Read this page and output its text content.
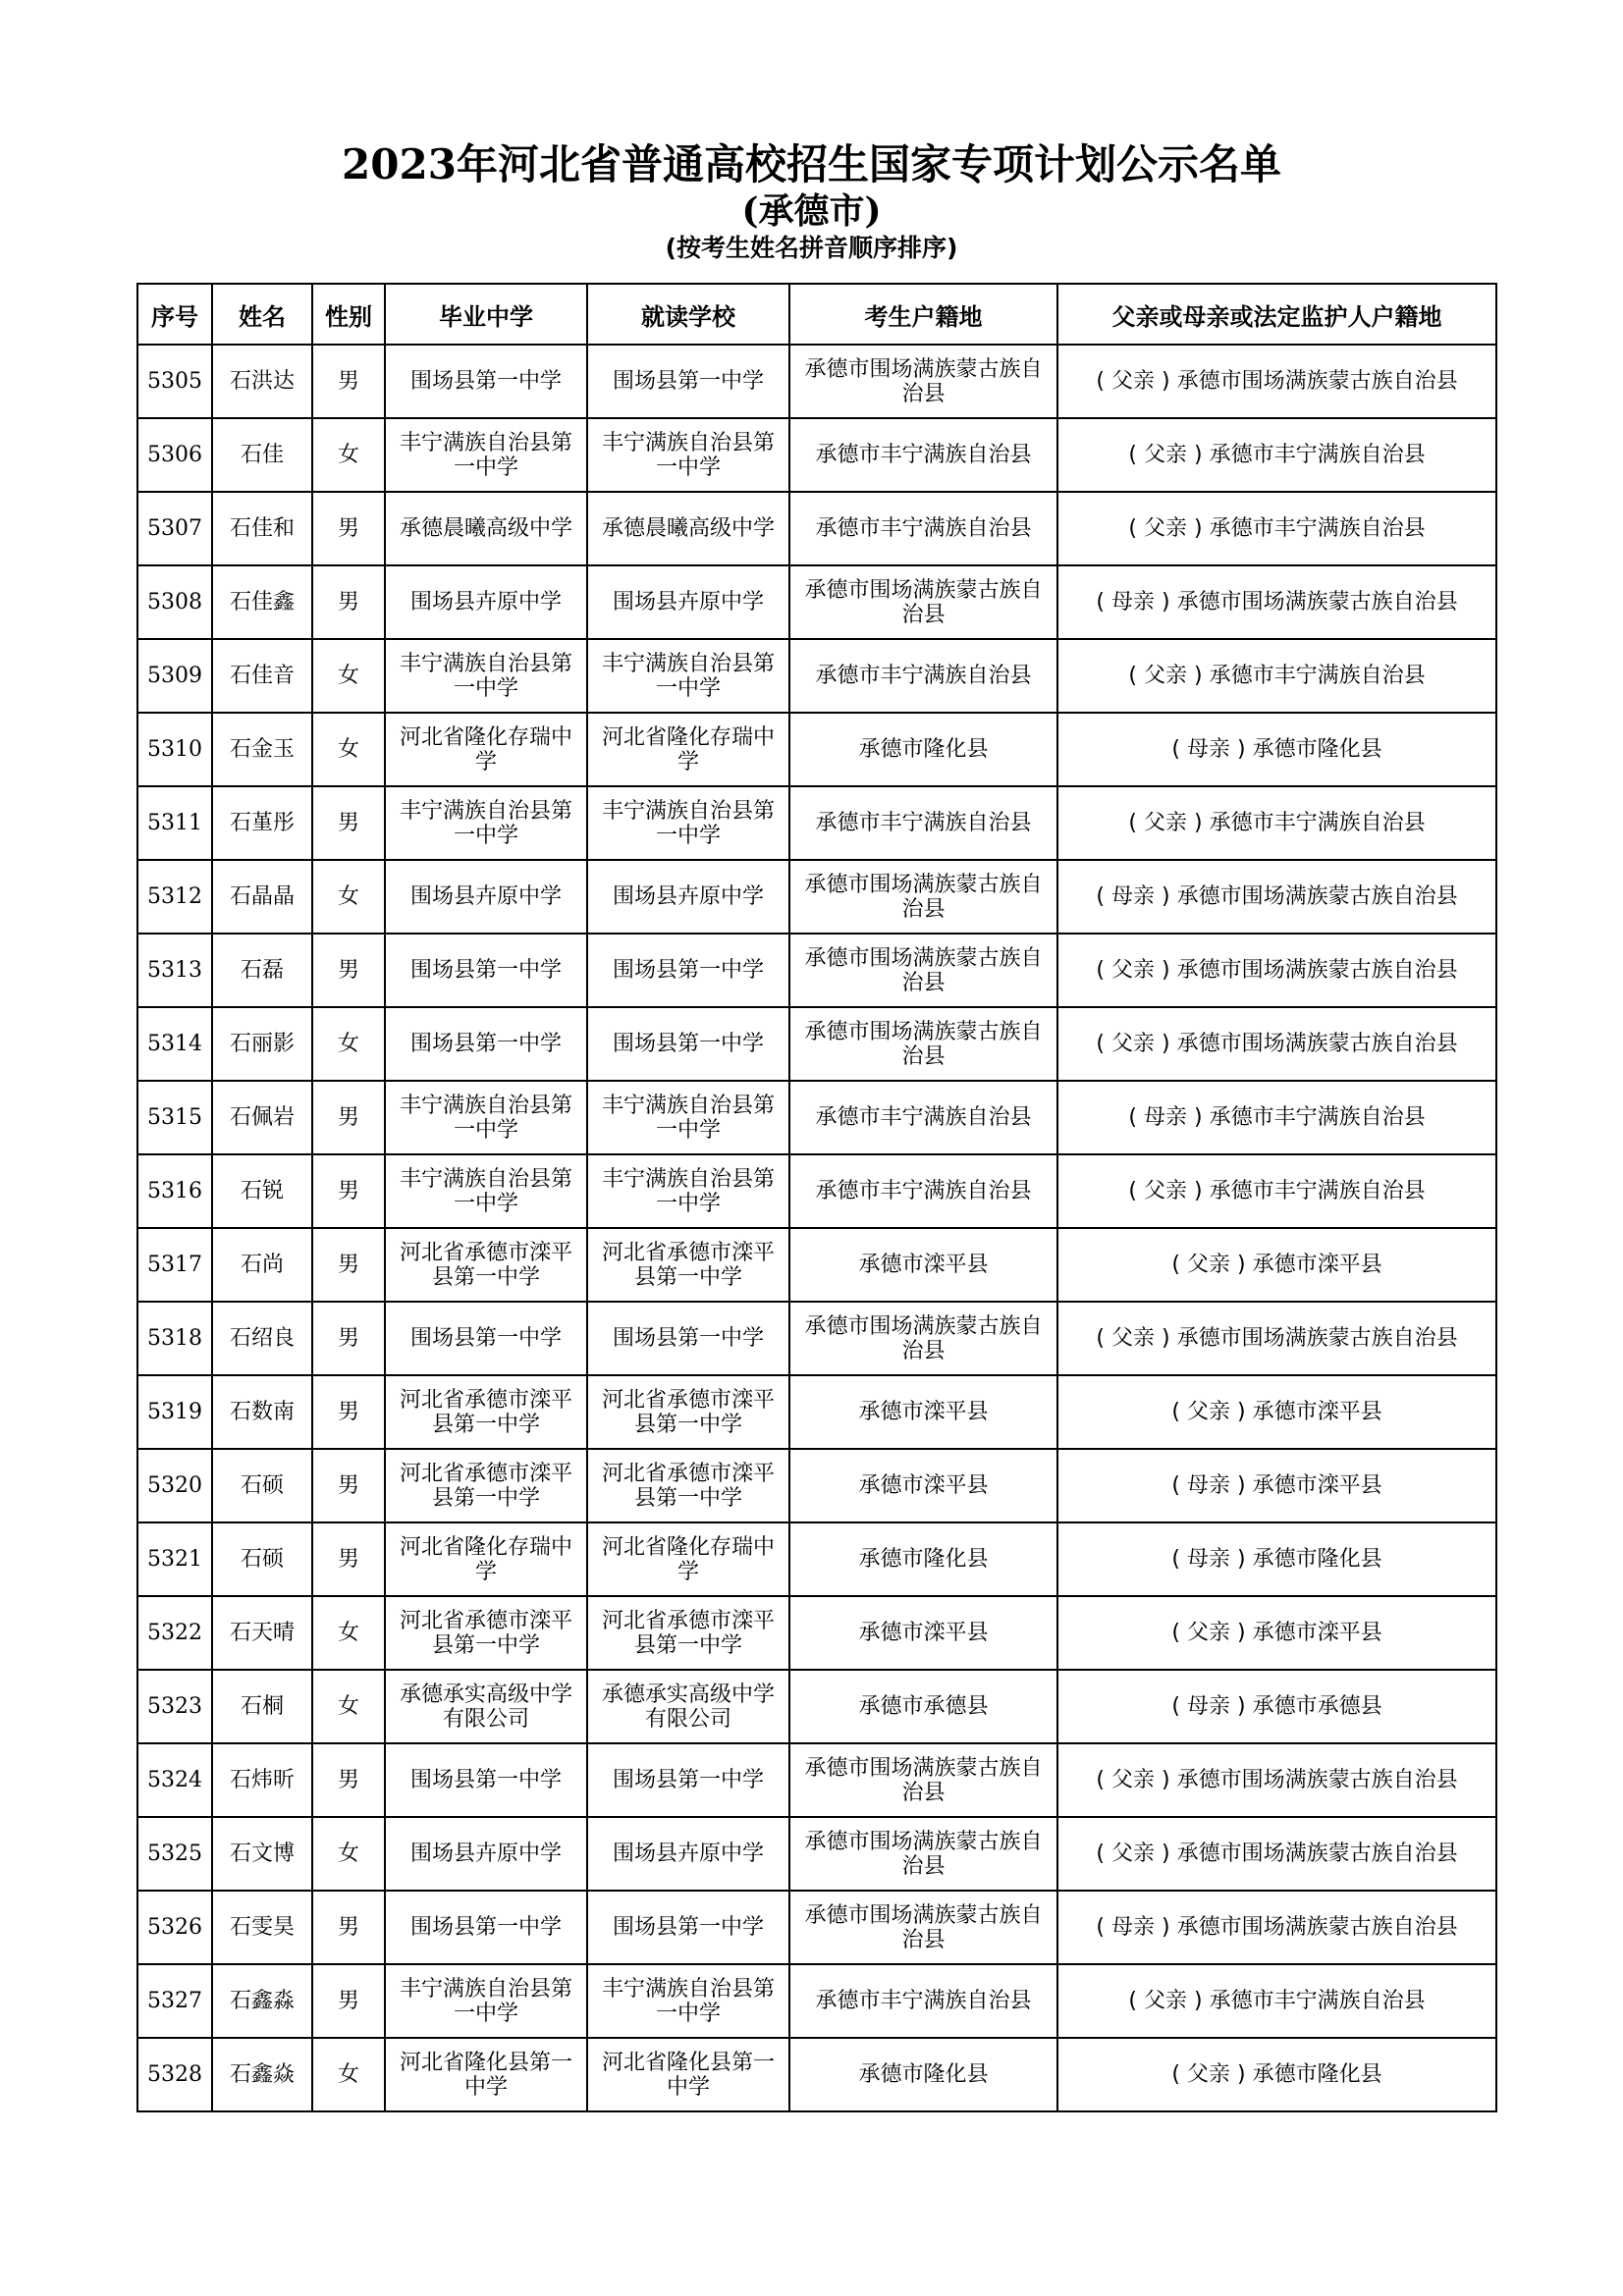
2023年河北省普通高校招生国家专项计划公示名单
(承德市)
(按考生姓名拼音顺序排序)
序号	姓名	性别	毕业中学	就读学校	考生户籍地	父亲或母亲或法定监护人户籍地
5305	石洪达	男	围场县第一中学	围场县第一中学	承德市围场满族蒙古族自治县	( 父亲 ) 承德市围场满族蒙古族自治县
5306	石佳	女	丰宁满族自治县第一中学	丰宁满族自治县第一中学	承德市丰宁满族自治县	( 父亲 ) 承德市丰宁满族自治县
5307	石佳和	男	承德晨曦高级中学	承德晨曦高级中学	承德市丰宁满族自治县	( 父亲 ) 承德市丰宁满族自治县
5308	石佳鑫	男	围场县卉原中学	围场县卉原中学	承德市围场满族蒙古族自治县	( 母亲 ) 承德市围场满族蒙古族自治县
5309	石佳音	女	丰宁满族自治县第一中学	丰宁满族自治县第一中学	承德市丰宁满族自治县	( 父亲 ) 承德市丰宁满族自治县
5310	石金玉	女	河北省隆化存瑞中学	河北省隆化存瑞中学	承德市隆化县	( 母亲 ) 承德市隆化县
5311	石堇彤	男	丰宁满族自治县第一中学	丰宁满族自治县第一中学	承德市丰宁满族自治县	( 父亲 ) 承德市丰宁满族自治县
5312	石晶晶	女	围场县卉原中学	围场县卉原中学	承德市围场满族蒙古族自治县	( 母亲 ) 承德市围场满族蒙古族自治县
5313	石磊	男	围场县第一中学	围场县第一中学	承德市围场满族蒙古族自治县	( 父亲 ) 承德市围场满族蒙古族自治县
5314	石丽影	女	围场县第一中学	围场县第一中学	承德市围场满族蒙古族自治县	( 父亲 ) 承德市围场满族蒙古族自治县
5315	石佩岩	男	丰宁满族自治县第一中学	丰宁满族自治县第一中学	承德市丰宁满族自治县	( 母亲 ) 承德市丰宁满族自治县
5316	石锐	男	丰宁满族自治县第一中学	丰宁满族自治县第一中学	承德市丰宁满族自治县	( 父亲 ) 承德市丰宁满族自治县
5317	石尚	男	河北省承德市滦平县第一中学	河北省承德市滦平县第一中学	承德市滦平县	( 父亲 ) 承德市滦平县
5318	石绍良	男	围场县第一中学	围场县第一中学	承德市围场满族蒙古族自治县	( 父亲 ) 承德市围场满族蒙古族自治县
5319	石数南	男	河北省承德市滦平县第一中学	河北省承德市滦平县第一中学	承德市滦平县	( 父亲 ) 承德市滦平县
5320	石硕	男	河北省承德市滦平县第一中学	河北省承德市滦平县第一中学	承德市滦平县	( 母亲 ) 承德市滦平县
5321	石硕	男	河北省隆化存瑞中学	河北省隆化存瑞中学	承德市隆化县	( 母亲 ) 承德市隆化县
5322	石天晴	女	河北省承德市滦平县第一中学	河北省承德市滦平县第一中学	承德市滦平县	( 父亲 ) 承德市滦平县
5323	石桐	女	承德承实高级中学有限公司	承德承实高级中学有限公司	承德市承德县	( 母亲 ) 承德市承德县
5324	石炜昕	男	围场县第一中学	围场县第一中学	承德市围场满族蒙古族自治县	( 父亲 ) 承德市围场满族蒙古族自治县
5325	石文博	女	围场县卉原中学	围场县卉原中学	承德市围场满族蒙古族自治县	( 父亲 ) 承德市围场满族蒙古族自治县
5326	石雯昊	男	围场县第一中学	围场县第一中学	承德市围场满族蒙古族自治县	( 母亲 ) 承德市围场满族蒙古族自治县
5327	石鑫淼	男	丰宁满族自治县第一中学	丰宁满族自治县第一中学	承德市丰宁满族自治县	( 父亲 ) 承德市丰宁满族自治县
5328	石鑫焱	女	河北省隆化县第一中学	河北省隆化县第一中学	承德市隆化县	( 父亲 ) 承德市隆化县
